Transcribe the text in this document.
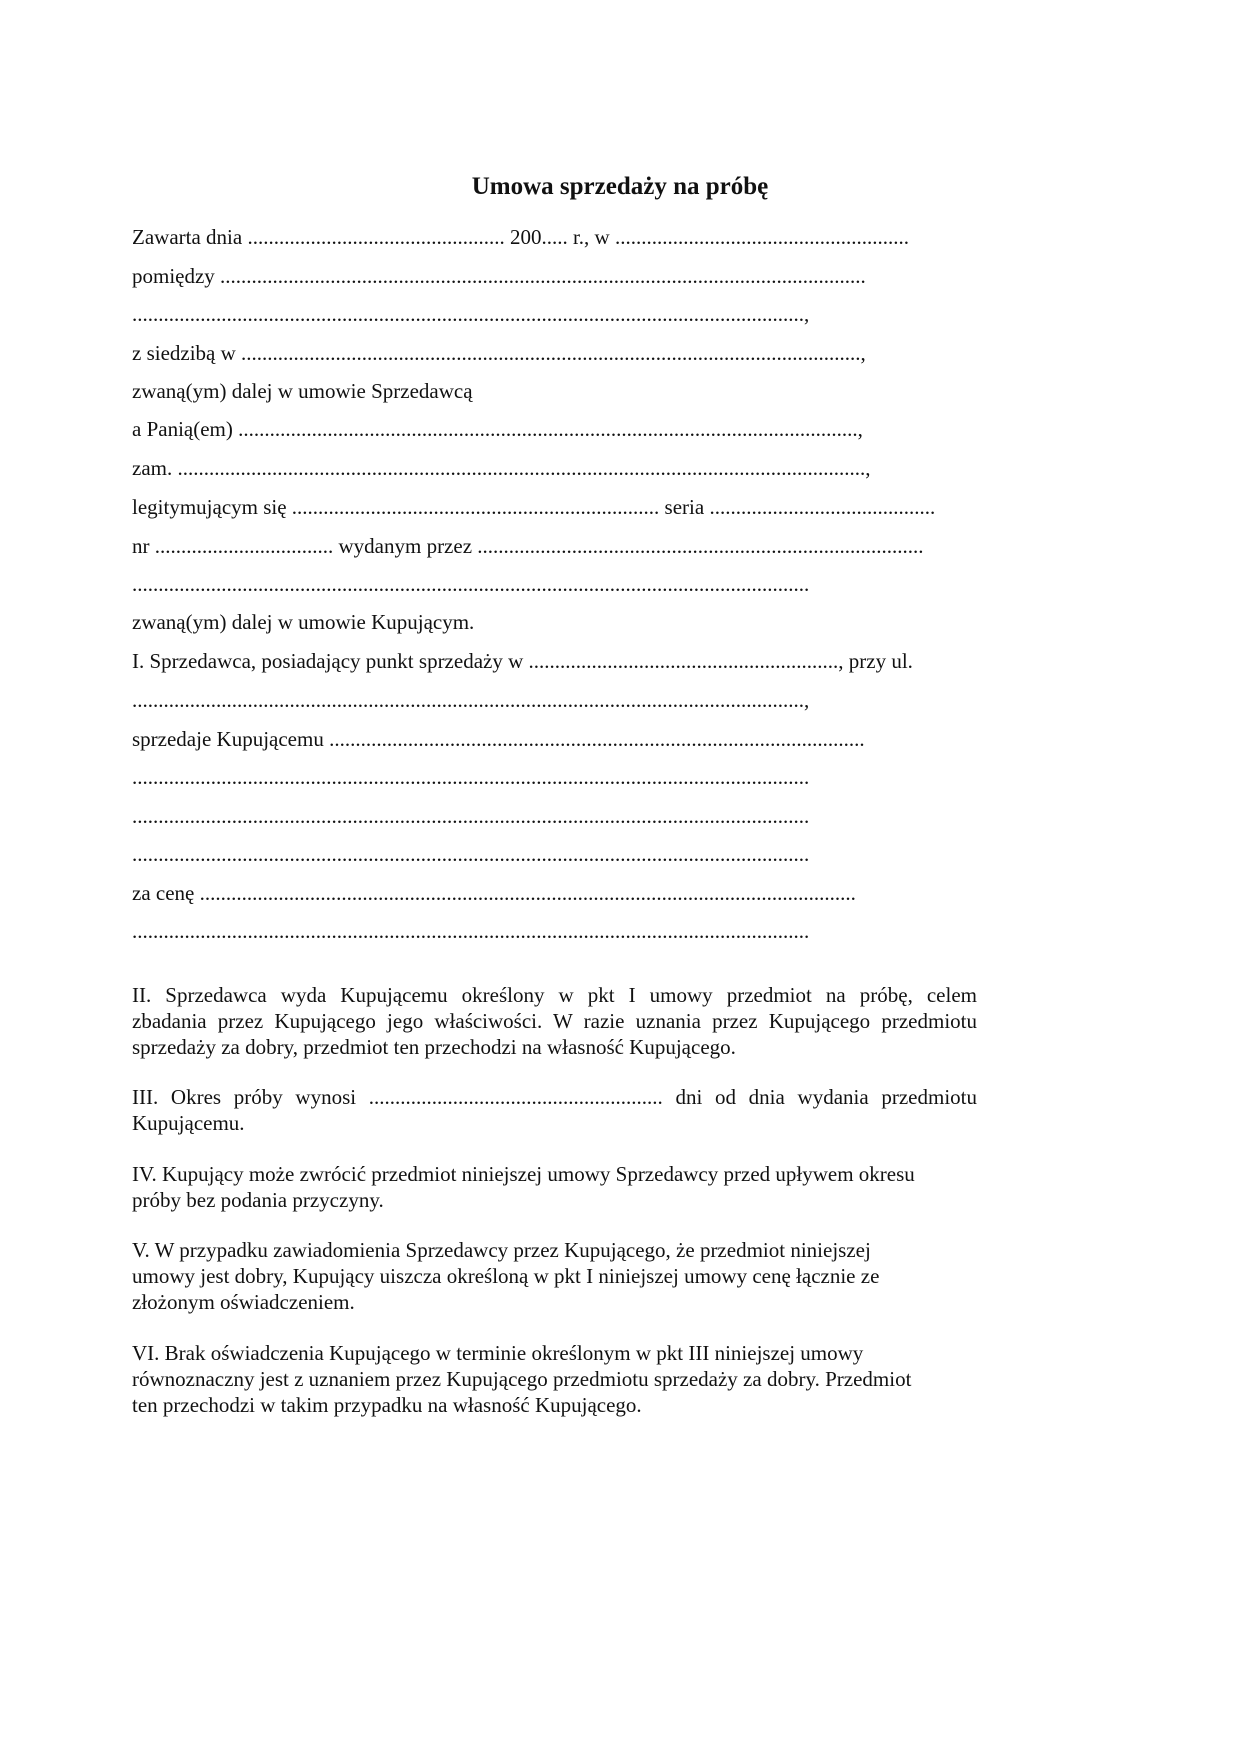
Umowa sprzedaży na próbę
Zawarta dnia ................................................. 200..... r., w ........................................................
pomiędzy ...........................................................................................................................
................................................................................................................................,
z siedzibą w ......................................................................................................................,
zwaną(ym) dalej w umowie Sprzedawcą
a Panią(em) ......................................................................................................................,
zam. ...................................................................................................................................,
legitymującym się ...................................................................... seria ...........................................
nr .................................. wydanym przez .....................................................................................
.................................................................................................................................
zwaną(ym) dalej w umowie Kupującym.
I. Sprzedawca, posiadający punkt sprzedaży w ..........................................................., przy ul.
................................................................................................................................,
sprzedaje Kupującemu ......................................................................................................
.................................................................................................................................
.................................................................................................................................
.................................................................................................................................
za cenę .............................................................................................................................
.................................................................................................................................
II. Sprzedawca wyda Kupującemu określony w pkt I umowy przedmiot na próbę, celem
zbadania przez Kupującego jego właściwości. W razie uznania przez Kupującego przedmiotu
sprzedaży za dobry, przedmiot ten przechodzi na własność Kupującego.
III. Okres próby wynosi ........................................................ dni od dnia wydania przedmiotu
Kupującemu.
IV. Kupujący może zwrócić przedmiot niniejszej umowy Sprzedawcy przed upływem okresu
próby bez podania przyczyny.
V. W przypadku zawiadomienia Sprzedawcy przez Kupującego, że przedmiot niniejszej
umowy jest dobry, Kupujący uiszcza określoną w pkt I niniejszej umowy cenę łącznie ze
złożonym oświadczeniem.
VI. Brak oświadczenia Kupującego w terminie określonym w pkt III niniejszej umowy
równoznaczny jest z uznaniem przez Kupującego przedmiotu sprzedaży za dobry. Przedmiot
ten przechodzi w takim przypadku na własność Kupującego.
